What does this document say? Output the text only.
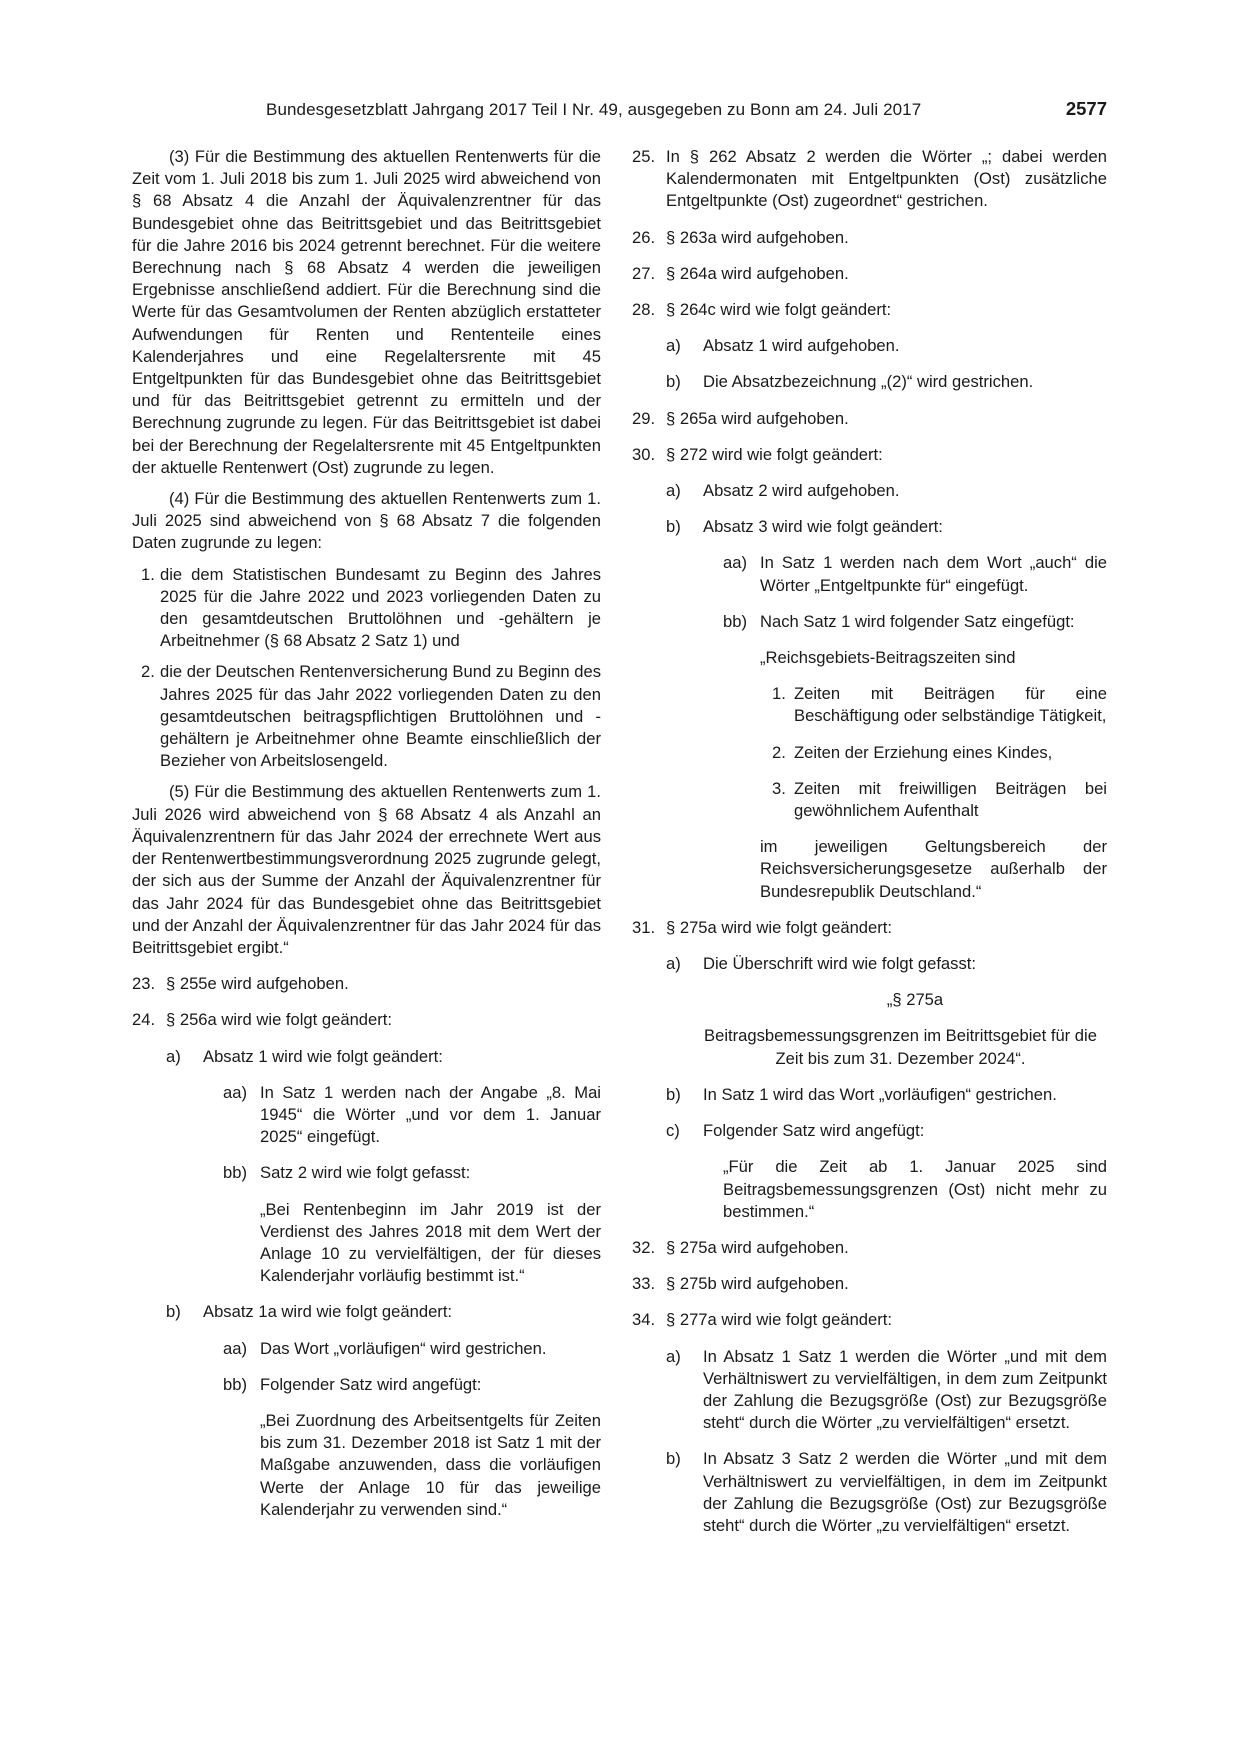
Bundesgesetzblatt Jahrgang 2017 Teil I Nr. 49, ausgegeben zu Bonn am 24. Juli 2017	2577

(3) Für die Bestimmung des aktuellen Rentenwerts für die Zeit vom 1. Juli 2018 bis zum 1. Juli 2025 wird abweichend von § 68 Absatz 4 die Anzahl der Äquivalenzrentner für das Bundesgebiet ohne das Beitrittsgebiet und das Beitrittsgebiet für die Jahre 2016 bis 2024 getrennt berechnet. Für die weitere Berechnung nach § 68 Absatz 4 werden die jeweiligen Ergebnisse anschließend addiert. Für die Berechnung sind die Werte für das Gesamtvolumen der Renten abzüglich erstatteter Aufwendungen für Renten und Rententeile eines Kalenderjahres und eine Regelaltersrente mit 45 Entgeltpunkten für das Bundesgebiet ohne das Beitrittsgebiet und für das Beitrittsgebiet getrennt zu ermitteln und der Berechnung zugrunde zu legen. Für das Beitrittsgebiet ist dabei bei der Berechnung der Regelaltersrente mit 45 Entgeltpunkten der aktuelle Rentenwert (Ost) zugrunde zu legen.

(4) Für die Bestimmung des aktuellen Rentenwerts zum 1. Juli 2025 sind abweichend von § 68 Absatz 7 die folgenden Daten zugrunde zu legen:

1. die dem Statistischen Bundesamt zu Beginn des Jahres 2025 für die Jahre 2022 und 2023 vorliegenden Daten zu den gesamtdeutschen Bruttolöhnen und -gehältern je Arbeitnehmer (§ 68 Absatz 2 Satz 1) und
2. die der Deutschen Rentenversicherung Bund zu Beginn des Jahres 2025 für das Jahr 2022 vorliegenden Daten zu den gesamtdeutschen beitragspflichtigen Bruttolöhnen und -gehältern je Arbeitnehmer ohne Beamte einschließlich der Bezieher von Arbeitslosengeld.

(5) Für die Bestimmung des aktuellen Rentenwerts zum 1. Juli 2026 wird abweichend von § 68 Absatz 4 als Anzahl an Äquivalenzrentnern für das Jahr 2024 der errechnete Wert aus der Rentenwertbestimmungsverordnung 2025 zugrunde gelegt, der sich aus der Summe der Anzahl der Äquivalenzrentner für das Jahr 2024 für das Bundesgebiet ohne das Beitrittsgebiet und der Anzahl der Äquivalenzrentner für das Jahr 2024 für das Beitrittsgebiet ergibt.“

23. § 255e wird aufgehoben.
24. § 256a wird wie folgt geändert:
a) Absatz 1 wird wie folgt geändert:
aa) In Satz 1 werden nach der Angabe „8. Mai 1945“ die Wörter „und vor dem 1. Januar 2025“ eingefügt.
bb) Satz 2 wird wie folgt gefasst:

„Bei Rentenbeginn im Jahr 2019 ist der Verdienst des Jahres 2018 mit dem Wert der Anlage 10 zu vervielfältigen, der für dieses Kalenderjahr vorläufig bestimmt ist.“

b) Absatz 1a wird wie folgt geändert:
aa) Das Wort „vorläufigen“ wird gestrichen.
bb) Folgender Satz wird angefügt:

„Bei Zuordnung des Arbeitsentgelts für Zeiten bis zum 31. Dezember 2018 ist Satz 1 mit der Maßgabe anzuwenden, dass die vorläufigen Werte der Anlage 10 für das jeweilige Kalenderjahr zu verwenden sind.“

25. In § 262 Absatz 2 werden die Wörter „; dabei werden Kalendermonaten mit Entgeltpunkten (Ost) zusätzliche Entgeltpunkte (Ost) zugeordnet“ gestrichen.
26. § 263a wird aufgehoben.
27. § 264a wird aufgehoben.
28. § 264c wird wie folgt geändert:
a) Absatz 1 wird aufgehoben.
b) Die Absatzbezeichnung „(2)“ wird gestrichen.
29. § 265a wird aufgehoben.
30. § 272 wird wie folgt geändert:
a) Absatz 2 wird aufgehoben.
b) Absatz 3 wird wie folgt geändert:
aa) In Satz 1 werden nach dem Wort „auch“ die Wörter „Entgeltpunkte für“ eingefügt.
bb) Nach Satz 1 wird folgender Satz eingefügt:

„Reichsgebiets-Beitragszeiten sind

1. Zeiten mit Beiträgen für eine Beschäftigung oder selbständige Tätigkeit,
2. Zeiten der Erziehung eines Kindes,
3. Zeiten mit freiwilligen Beiträgen bei gewöhnlichem Aufenthalt

im jeweiligen Geltungsbereich der Reichsversicherungsgesetze außerhalb der Bundesrepublik Deutschland.“

31. § 275a wird wie folgt geändert:
a) Die Überschrift wird wie folgt gefasst:

„§ 275a

Beitragsbemessungsgrenzen im Beitrittsgebiet für die Zeit bis zum 31. Dezember 2024“.

b) In Satz 1 wird das Wort „vorläufigen“ gestrichen.
c) Folgender Satz wird angefügt:

„Für die Zeit ab 1. Januar 2025 sind Beitragsbemessungsgrenzen (Ost) nicht mehr zu bestimmen.“

32. § 275a wird aufgehoben.
33. § 275b wird aufgehoben.
34. § 277a wird wie folgt geändert:
a) In Absatz 1 Satz 1 werden die Wörter „und mit dem Verhältniswert zu vervielfältigen, in dem zum Zeitpunkt der Zahlung die Bezugsgröße (Ost) zur Bezugsgröße steht“ durch die Wörter „zu vervielfältigen“ ersetzt.
b) In Absatz 3 Satz 2 werden die Wörter „und mit dem Verhältniswert zu vervielfältigen, in dem im Zeitpunkt der Zahlung die Bezugsgröße (Ost) zur Bezugsgröße steht“ durch die Wörter „zu vervielfältigen“ ersetzt.
